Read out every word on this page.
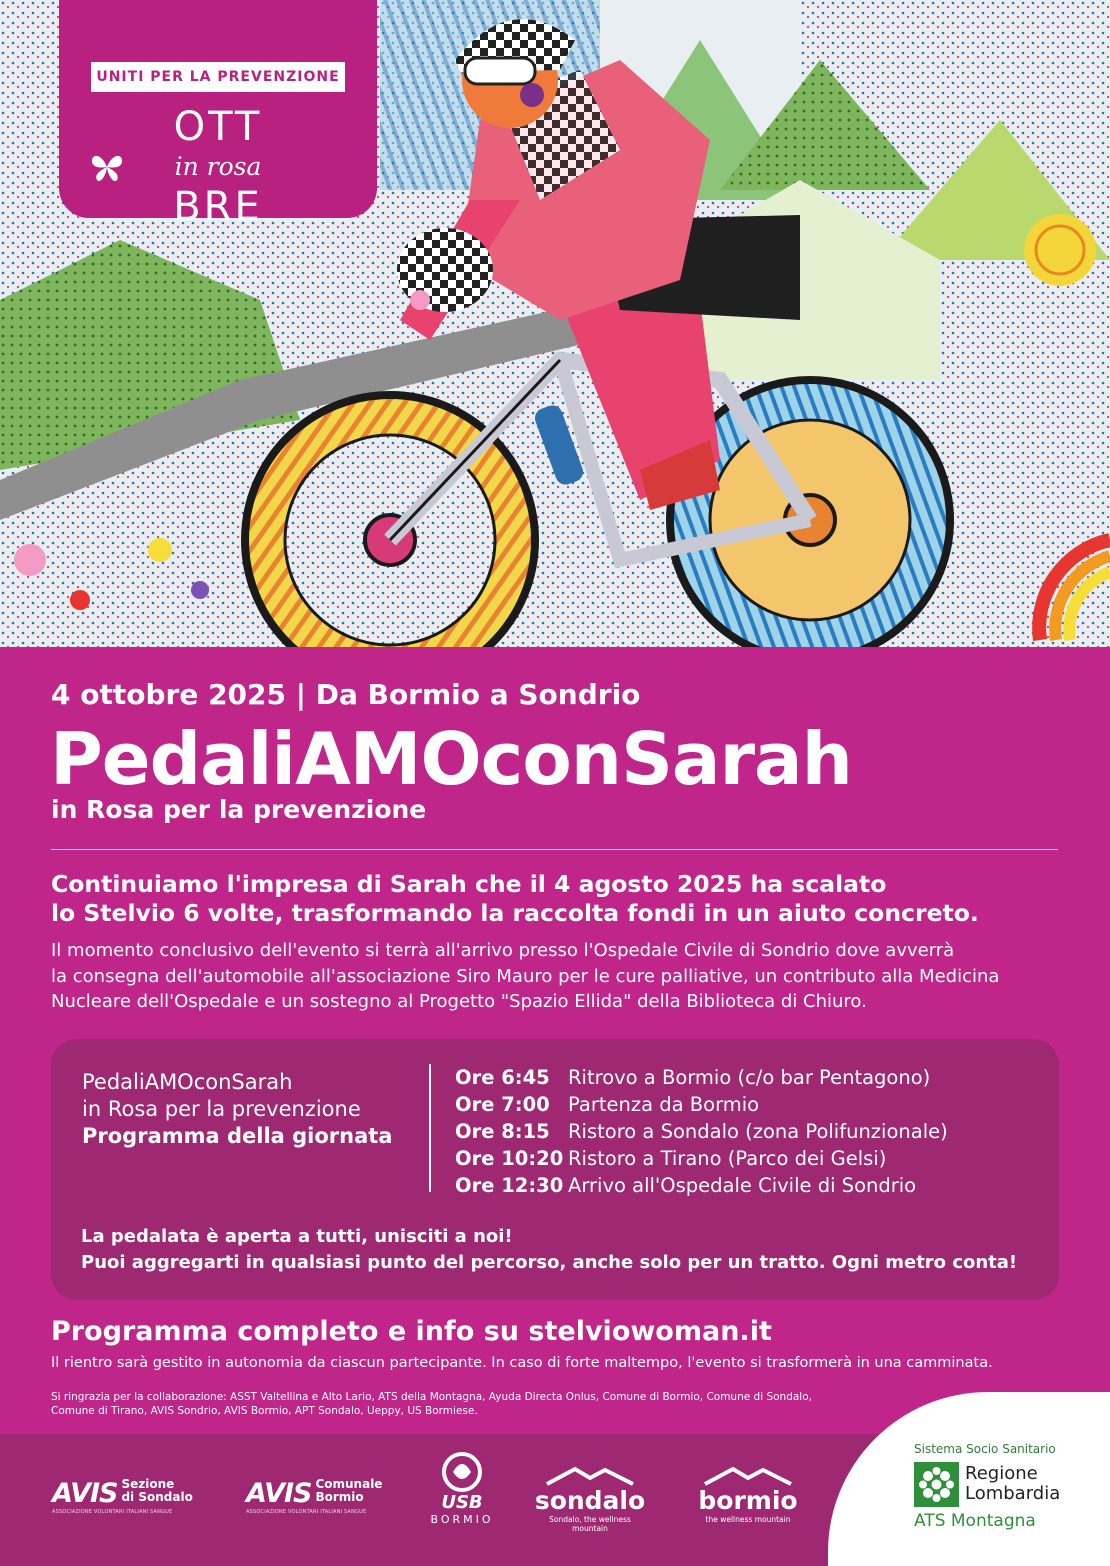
UNITI PER LA PREVENZIONE
OTT
BRE
in rosa
4 ottobre 2025 | Da Bormio a Sondrio
PedaliAMOconSarah
in Rosa per la prevenzione
Continuiamo l'impresa di Sarah che il 4 agosto 2025 ha scalato
lo Stelvio 6 volte, trasformando la raccolta fondi in un aiuto concreto.
Il momento conclusivo dell'evento si terrà all'arrivo presso l'Ospedale Civile di Sondrio dove avverrà
la consegna dell'automobile all'associazione Siro Mauro per le cure palliative, un contributo alla Medicina
Nucleare dell'Ospedale e un sostegno al Progetto "Spazio Ellida" della Biblioteca di Chiuro.
PedaliAMOconSarah
in Rosa per la prevenzione
Programma della giornata
Ore 6:45 Ritrovo a Bormio (c/o bar Pentagono)
Ore 7:00 Partenza da Bormio
Ore 8:15 Ristoro a Sondalo (zona Polifunzionale)
Ore 10:20 Ristoro a Tirano (Parco dei Gelsi)
Ore 12:30 Arrivo all'Ospedale Civile di Sondrio
La pedalata è aperta a tutti, unisciti a noi!
Puoi aggregarti in qualsiasi punto del percorso, anche solo per un tratto. Ogni metro conta!
Programma completo e info su stelviowoman.it
Il rientro sarà gestito in autonomia da ciascun partecipante. In caso di forte maltempo, l'evento si trasformerà in una camminata.
Si ringrazia per la collaborazione: ASST Valtellina e Alto Lario, ATS della Montagna, Ayuda Directa Onlus, Comune di Bormio, Comune di Sondalo,
Comune di Tirano, AVIS Sondrio, AVIS Bormio, APT Sondalo, Ueppy, US Bormiese.
AVIS Sezione
di Sondalo
ASSOCIAZIONE VOLONTARI ITALIANI SANGUE
AVIS Comunale
Bormio
ASSOCIAZIONE VOLONTARI ITALIANI SANGUE	USB
BORMIO
sondalo
Sondalo, the wellness mountain
bormio
the wellness mountain
Sistema Socio Sanitario
Regione
Lombardia
ATS Montagna
